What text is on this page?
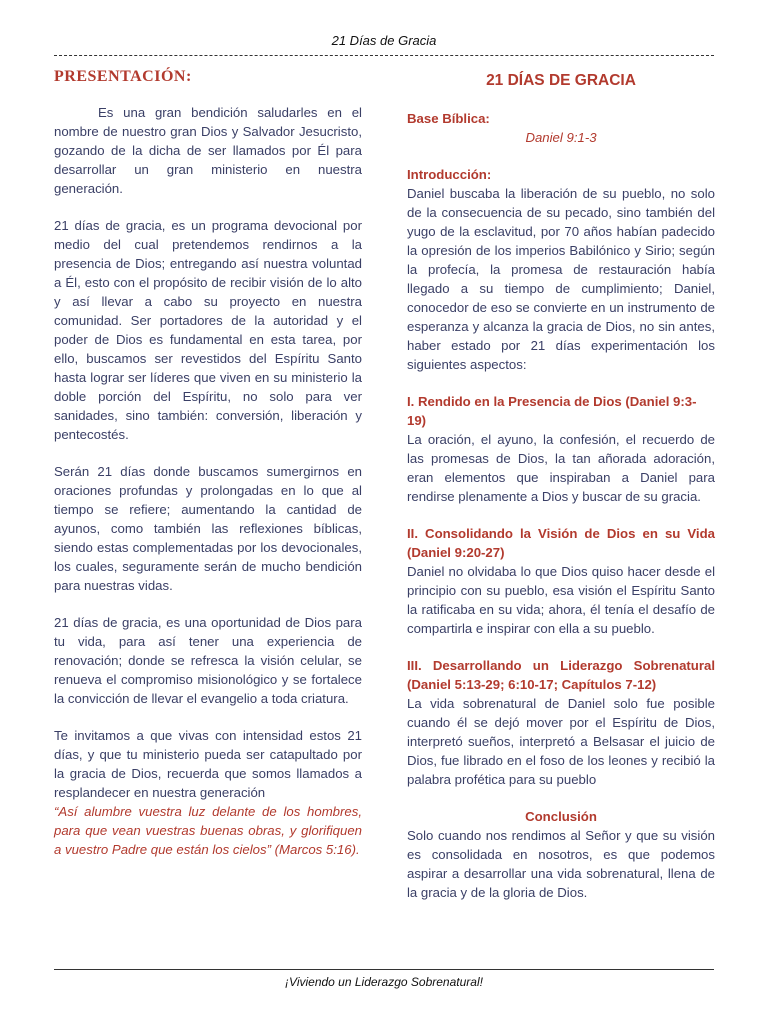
21 Días de Gracia
PRESENTACIÓN:

Es una gran bendición saludarles en el nombre de nuestro gran Dios y Salvador Jesucristo, gozando de la dicha de ser llamados por Él para desarrollar un gran ministerio en nuestra generación.

21 días de gracia, es un programa devocional por medio del cual pretendemos rendirnos a la presencia de Dios; entregando así nuestra voluntad a Él, esto con el propósito de recibir visión de lo alto y así llevar a cabo su proyecto en nuestra comunidad. Ser portadores de la autoridad y el poder de Dios es fundamental en esta tarea, por ello, buscamos ser revestidos del Espíritu Santo hasta lograr ser líderes que viven en su ministerio la doble porción del Espíritu, no solo para ver sanidades, sino también: conversión, liberación y pentecostés.

Serán 21 días donde buscamos sumergirnos en oraciones profundas y prolongadas en lo que al tiempo se refiere; aumentando la cantidad de ayunos, como también las reflexiones bíblicas, siendo estas complementadas por los devocionales, los cuales, seguramente serán de mucho bendición para nuestras vidas.

21 días de gracia, es una oportunidad de Dios para tu vida, para así tener una experiencia de renovación; donde se refresca la visión celular, se renueva el compromiso misionológico y se fortalece la convicción de llevar el evangelio a toda criatura.

Te invitamos a que vivas con intensidad estos 21 días, y que tu ministerio pueda ser catapultado por la gracia de Dios, recuerda que somos llamados a resplandecer en nuestra generación

“Así alumbre vuestra luz delante de los hombres, para que vean vuestras buenas obras, y glorifiquen a vuestro Padre que están los cielos” (Marcos 5:16).

21 DÍAS DE GRACIA
Base Bíblica:
Daniel 9:1-3
Introducción:

Daniel buscaba la liberación de su pueblo, no solo de la consecuencia de su pecado, sino también del yugo de la esclavitud, por 70 años habían padecido la opresión de los imperios Babilónico y Sirio; según la profecía, la promesa de restauración había llegado a su tiempo de cumplimiento; Daniel, conocedor de eso se convierte en un instrumento de esperanza y alcanza la gracia de Dios, no sin antes, haber estado por 21 días experimentación los siguientes aspectos:

I. Rendido en la Presencia de Dios (Daniel 9:3-19)

La oración, el ayuno, la confesión, el recuerdo de las promesas de Dios, la tan añorada adoración, eran elementos que inspiraban a Daniel para rendirse plenamente a Dios y buscar de su gracia.

II. Consolidando la Visión de Dios en su Vida (Daniel 9:20-27)

Daniel no olvidaba lo que Dios quiso hacer desde el principio con su pueblo, esa visión el Espíritu Santo la ratificaba en su vida; ahora, él tenía el desafío de compartirla e inspirar con ella a su pueblo.

III. Desarrollando un Liderazgo Sobrenatural (Daniel 5:13-29; 6:10-17; Capítulos 7-12)

La vida sobrenatural de Daniel solo fue posible cuando él se dejó mover por el Espíritu de Dios, interpretó sueños, interpretó a Belsasar el juicio de Dios, fue librado en el foso de los leones y recibió la palabra profética para su pueblo

Conclusión

Solo cuando nos rendimos al Señor y que su visión es consolidada en nosotros, es que podemos aspirar a desarrollar una vida sobrenatural, llena de la gracia y de la gloria de Dios.

¡Viviendo un Liderazgo Sobrenatural!
